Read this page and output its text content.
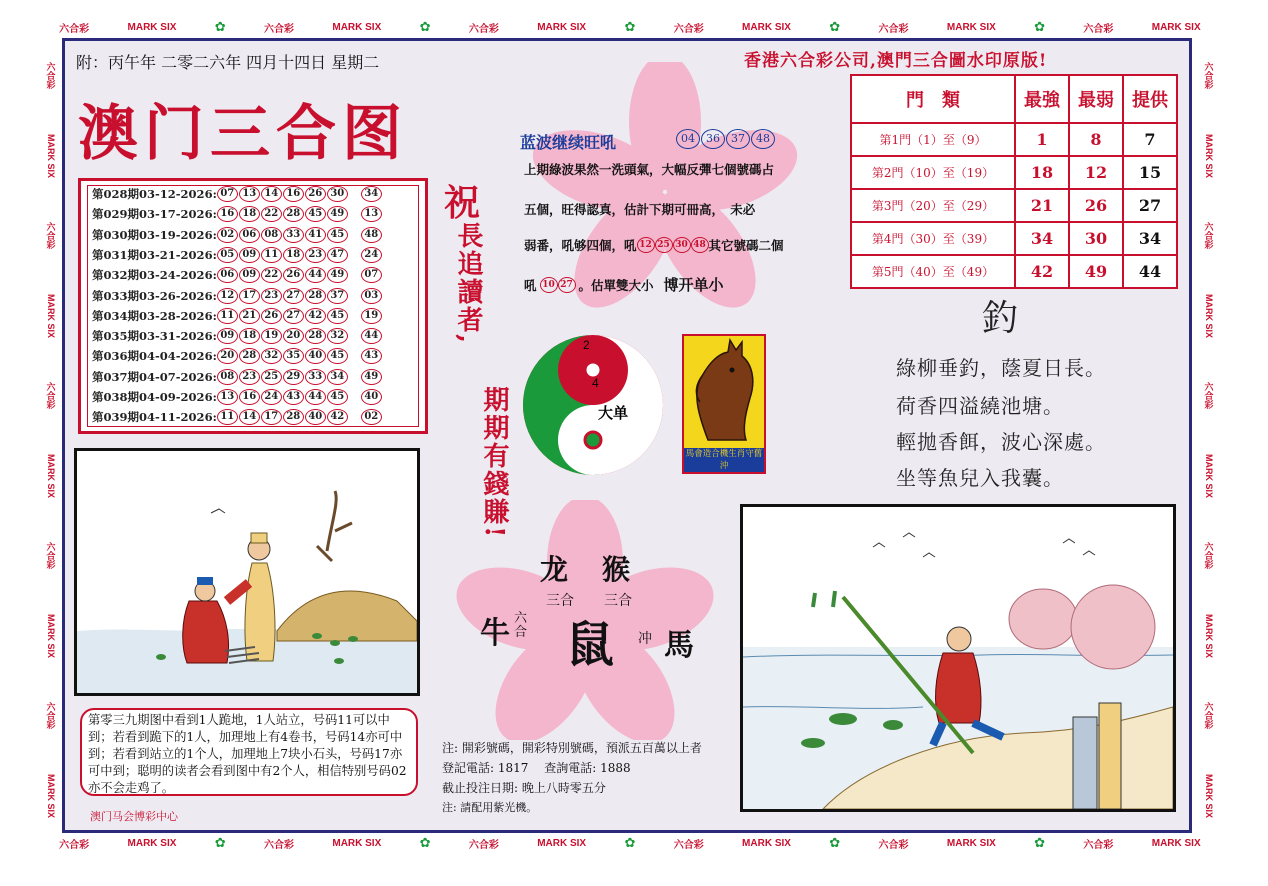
六合彩	MARK SIX	✿	六合彩	MARK SIX	✿	六合彩	MARK SIX	✿	六合彩	MARK SIX	✿	六合彩	MARK SIX	✿	六合彩	MARK SIX
六合彩	MARK SIX	✿	六合彩	MARK SIX	✿	六合彩	MARK SIX	✿	六合彩	MARK SIX	✿	六合彩	MARK SIX	✿	六合彩	MARK SIX
六合彩
MARK SIX
六合彩
MARK SIX
六合彩
MARK SIX
六合彩
MARK SIX
六合彩
MARK SIX
六合彩
MARK SIX
六合彩
MARK SIX
六合彩
MARK SIX
六合彩
MARK SIX
六合彩
MARK SIX
附：丙午年 二零二六年 四月十四日 星期二
澳门三合图
第028期03-12-2026: 07 13 14 16 26 30	34
第029期03-17-2026: 16 18 22 28 45 49	13
第030期03-19-2026: 02 06 08 33 41 45	48
第031期03-21-2026: 05 09 11 18 23 47	24
第032期03-24-2026: 06 09 22 26 44 49	07
第033期03-26-2026: 12 17 23 27 28 37	03
第034期03-28-2026: 11 21 26 27 42 45	19
第035期03-31-2026: 09 18 19 20 28 32	44
第036期04-04-2026: 20 28 32 35 40 45	43
第037期04-07-2026: 08 23 25 29 33 34	49
第038期04-09-2026: 13 16 24 43 44 45	40
第039期04-11-2026: 11 14 17 28 40 42	02
祝
長追讀者,
期期有錢賺!
蓝波继续旺吼	04	36	37	48
上期綠波果然一洗頭氣，大幅反彈七個號碼占
五個，旺得認真，估計下期可冊高，　未必
弱番，吼够四個，吼 12 25 30 48 其它號碼二個
吼 10 27 。估單雙大小 博开单小
2
4
大单
馬會造合機生肖守舊沖
龙 猴
三合 三合
牛 六合 鼠 冲 馬
第零三九期图中看到1人跪地，1人站立，号码11可以中到；若看到跪下的1人，加理地上有4卷书，号码14亦可中到；若看到站立的1个人，加理地上7块小石头，号码17亦可中到；聪明的读者会看到图中有2个人，相信特别号码02亦不会走鸡了。
注: 開彩號碼，開彩特別號碼，預派五百萬以上者
登記電話: 1817　 查詢電話: 1888
截止投注日期: 晚上八時零五分
注: 請配用紫光機。
澳门马会博彩中心
香港六合彩公司,澳門三合圖水印原版!
門　類	最強	最弱	提供
第1門（1）至（9）	1	8	7
第2門（10）至（19）	18	12	15
第3門（20）至（29）	21	26	27
第4門（30）至（39）	34	30	34
第5門（40）至（49）	42	49	44
釣
綠柳垂釣，蔭夏日長。
荷香四溢繞池塘。
輕拋香餌，波心深處。
坐等魚兒入我囊。
